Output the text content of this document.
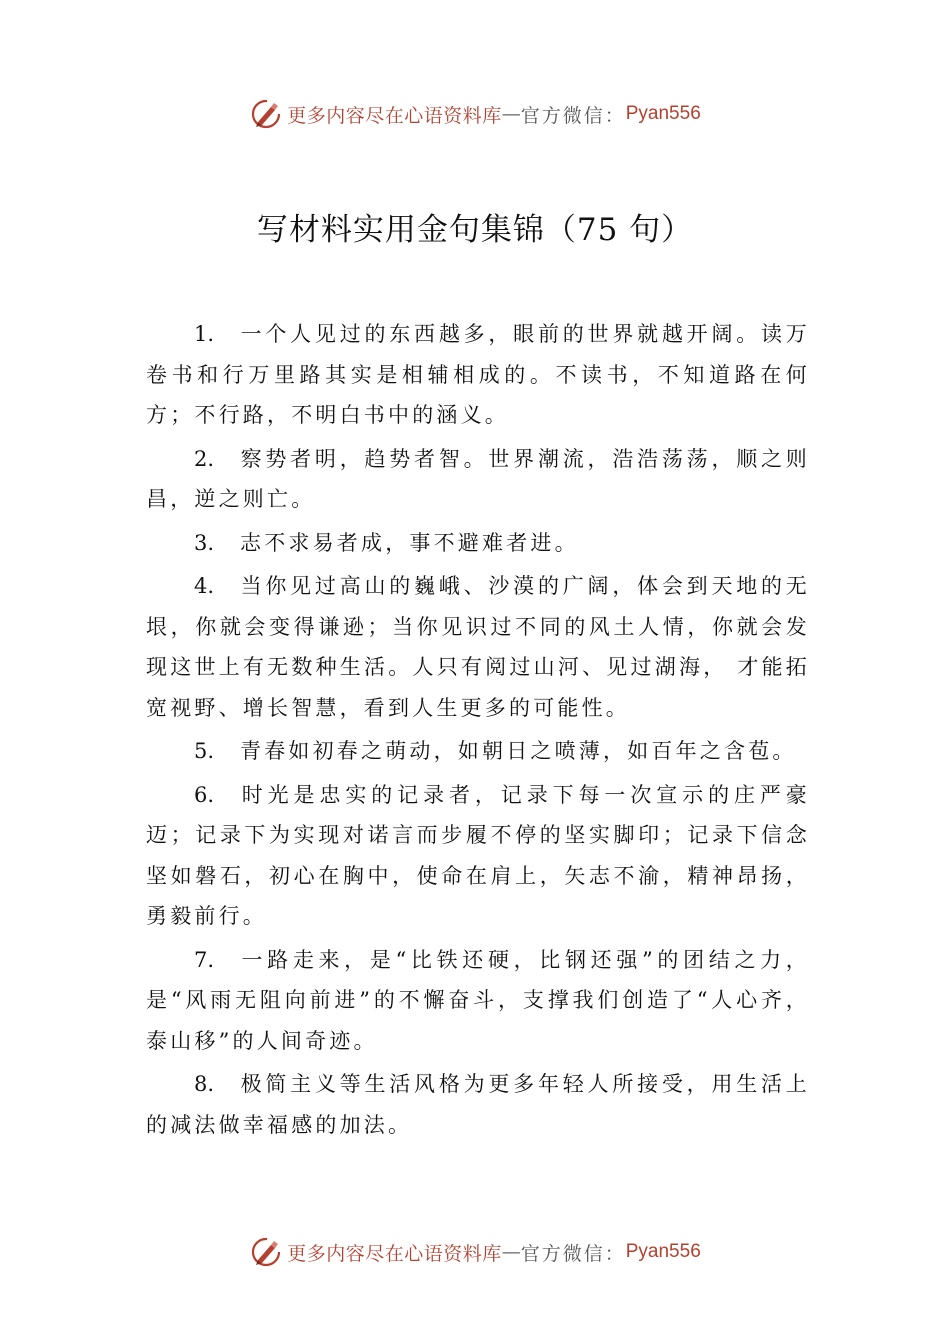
更多内容尽在心语资料库 — 官方微信： Pyan556
写材料实用金句集锦（75 句）

1. 一个人见过的东西越多，眼前的世界就越开阔。读万卷书和行万里路其实是相辅相成的。不读书，不知道路在何方；不行路，不明白书中的涵义。

2. 察势者明，趋势者智。世界潮流，浩浩荡荡，顺之则昌，逆之则亡。

3. 志不求易者成，事不避难者进。

4. 当你见过高山的巍峨、沙漠的广阔，体会到天地的无垠，你就会变得谦逊；当你见识过不同的风土人情，你就会发现这世上有无数种生活。人只有阅过山河、见过湖海， 才能拓宽视野、增长智慧，看到人生更多的可能性。

5. 青春如初春之萌动，如朝日之喷薄，如百年之含苞。

6. 时光是忠实的记录者，记录下每一次宣示的庄严豪迈；记录下为实现对诺言而步履不停的坚实脚印；记录下信念坚如磐石，初心在胸中，使命在肩上，矢志不渝，精神昂扬，勇毅前行。

7. 一路走来，是“比铁还硬，比钢还强”的团结之力，是“风雨无阻向前进”的不懈奋斗，支撑我们创造了“人心齐，泰山移”的人间奇迹。

8. 极简主义等生活风格为更多年轻人所接受，用生活上的减法做幸福感的加法。

更多内容尽在心语资料库 — 官方微信： Pyan556
